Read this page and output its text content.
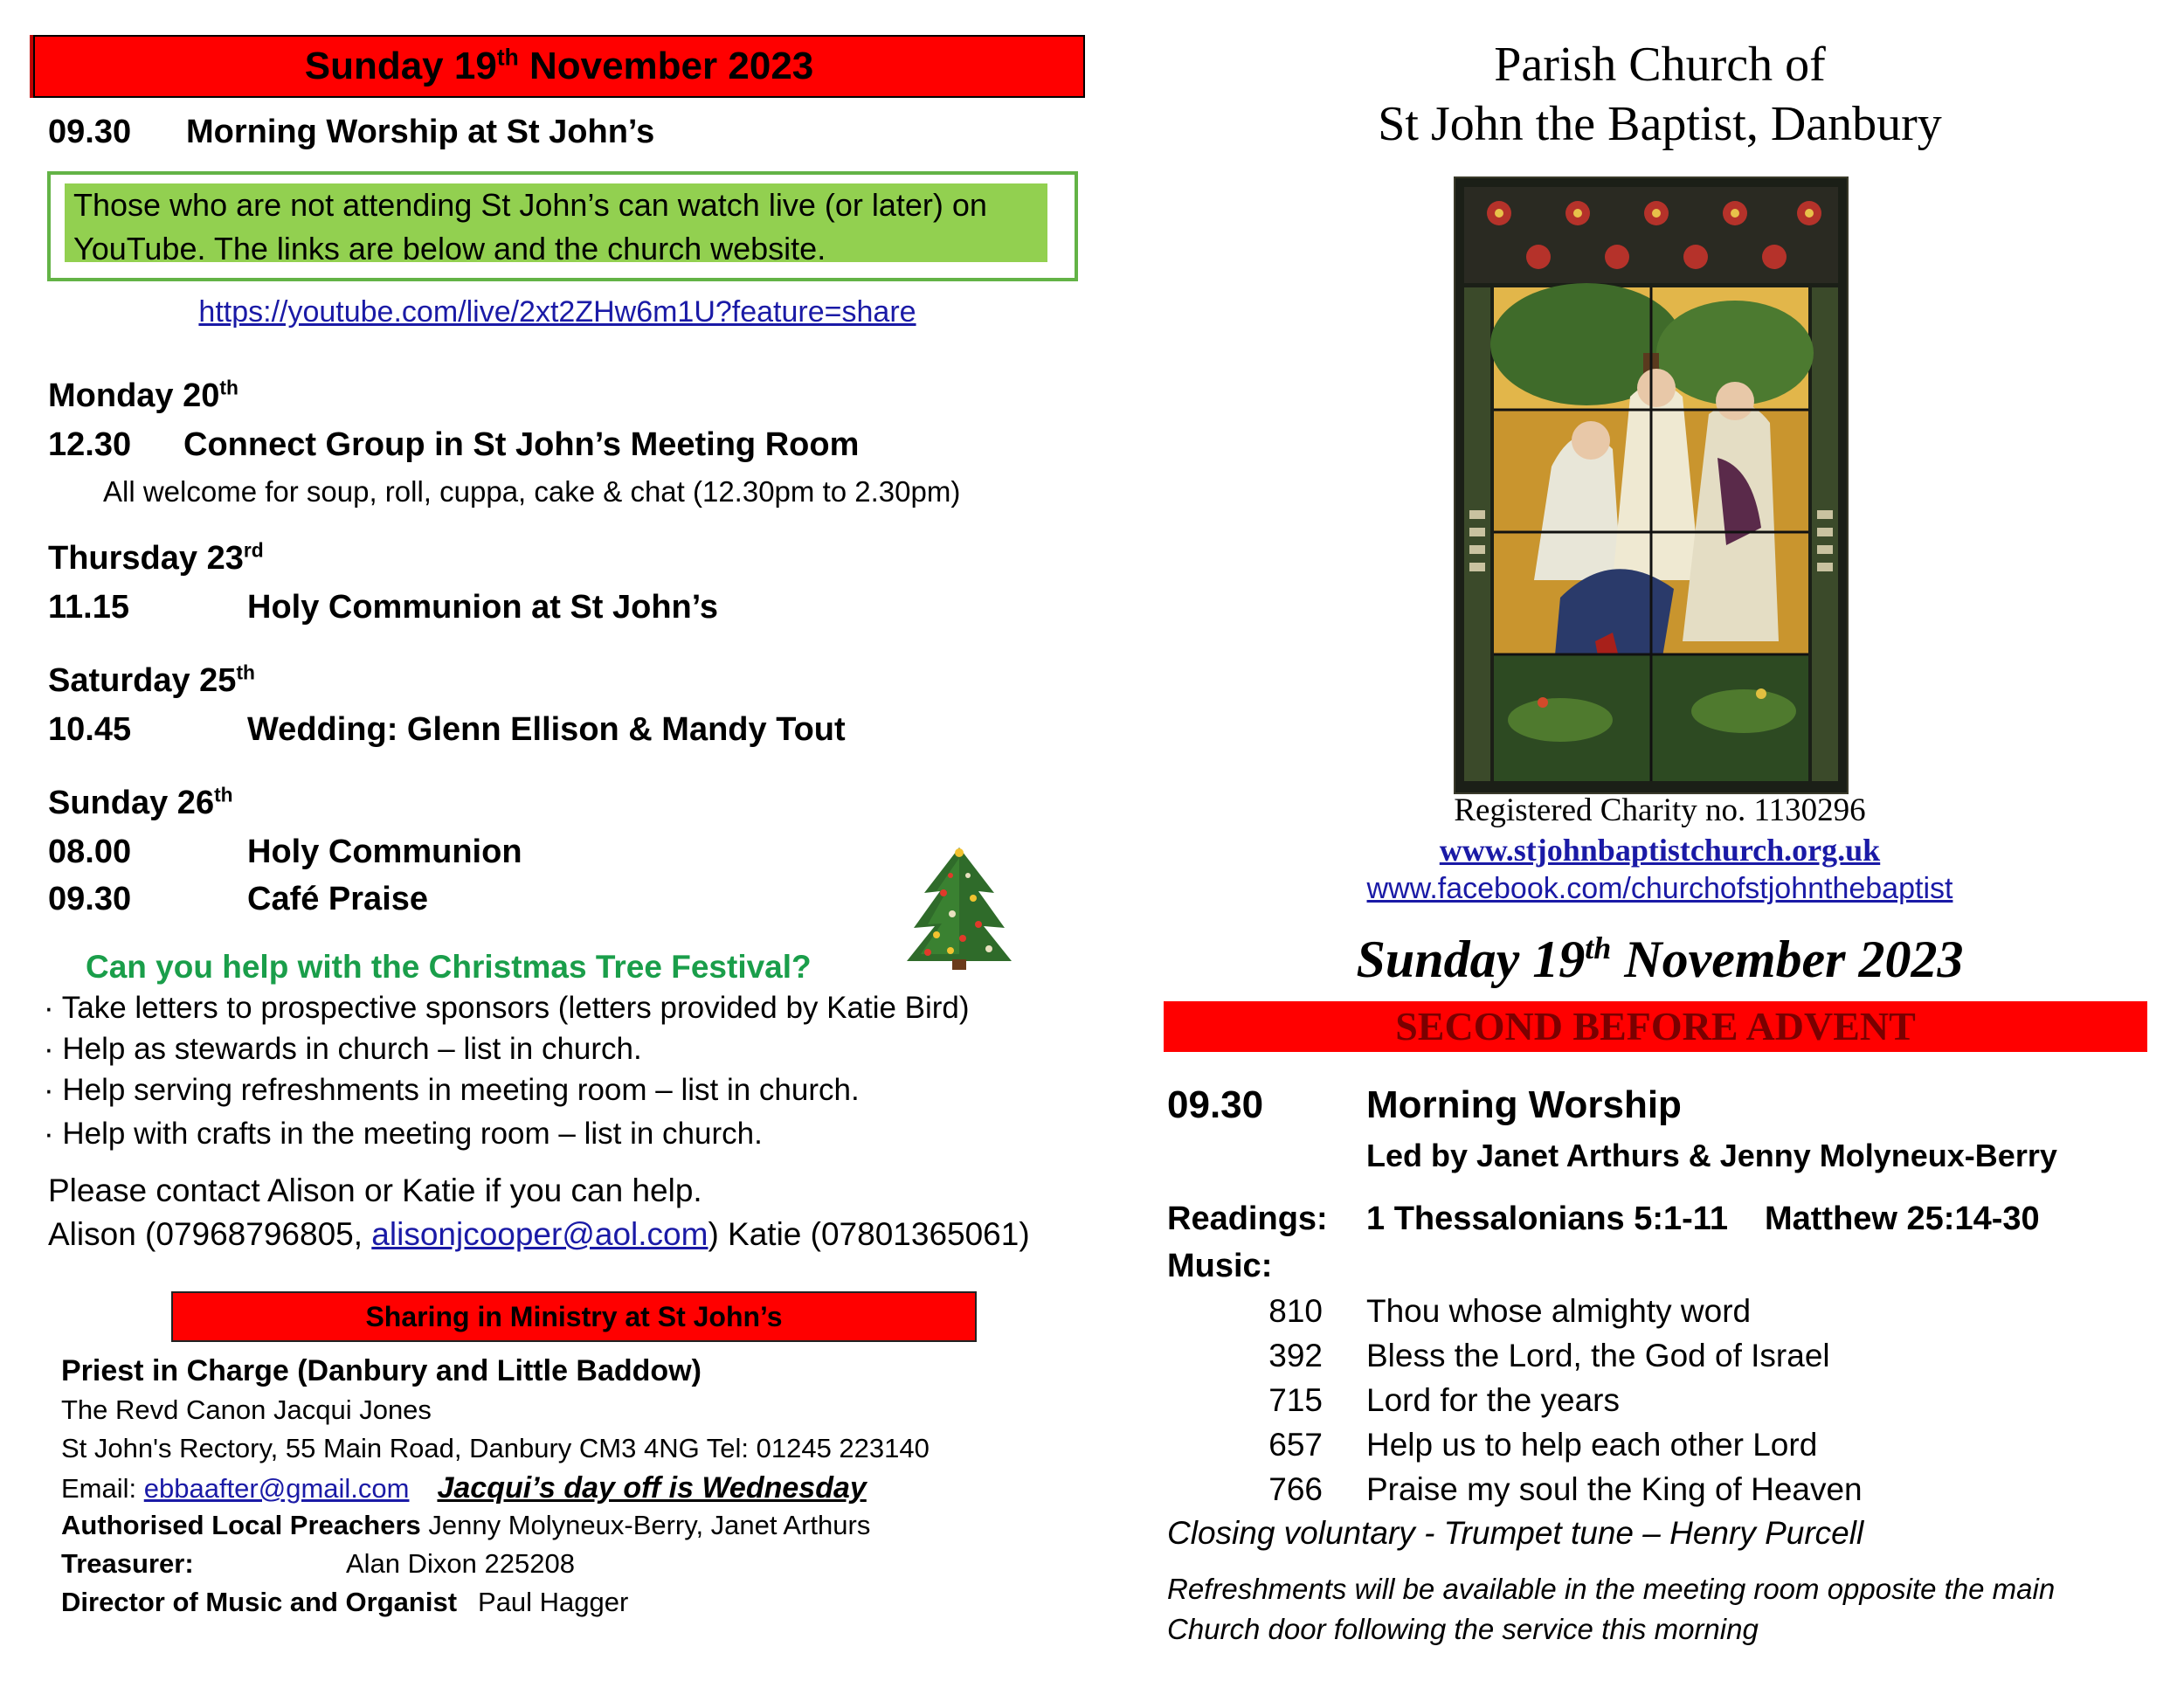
Sunday 19th November 2023
09.30 Morning Worship at St John’s
Those who are not attending St John’s can watch live (or later) on
YouTube. The links are below and the church website.
https://youtube.com/live/2xt2ZHw6m1U?feature=share
Monday 20th
12.30 Connect Group in St John’s Meeting Room
All welcome for soup, roll, cuppa, cake & chat (12.30pm to 2.30pm)
Thursday 23rd
11.15	Holy Communion at St John’s
Saturday 25th
10.45	Wedding: Glenn Ellison & Mandy Tout
Sunday 26th
08.00	Holy Communion
09.30	Café Praise
Can you help with the Christmas Tree Festival?
· Take letters to prospective sponsors (letters provided by Katie Bird)
· Help as stewards in church – list in church.
· Help serving refreshments in meeting room – list in church.
· Help with crafts in the meeting room – list in church.
Please contact Alison or Katie if you can help.
Alison (07968796805, alisonjcooper@aol.com) Katie (07801365061)
Sharing in Ministry at St John’s
Priest in Charge (Danbury and Little Baddow)
The Revd Canon Jacqui Jones
St John's Rectory, 55 Main Road, Danbury CM3 4NG Tel: 01245 223140
Email: ebbaafter@gmail.com Jacqui’s day off is Wednesday
Authorised Local Preachers Jenny Molyneux-Berry, Janet Arthurs
Treasurer:	Alan Dixon 225208
Director of Music and Organist Paul Hagger
Parish Church of
St John the Baptist, Danbury
Registered Charity no. 1130296
www.stjohnbaptistchurch.org.uk
www.facebook.com/churchofstjohnthebaptist
Sunday 19th November 2023
SECOND BEFORE ADVENT
09.30	Morning Worship
Led by Janet Arthurs & Jenny Molyneux-Berry
Readings: 1 Thessalonians 5:1-11 Matthew 25:14-30
Music:
810 Thou whose almighty word
392 Bless the Lord, the God of Israel
715 Lord for the years
657 Help us to help each other Lord
766 Praise my soul the King of Heaven
Closing voluntary - Trumpet tune – Henry Purcell
Refreshments will be available in the meeting room opposite the main
Church door following the service this morning
